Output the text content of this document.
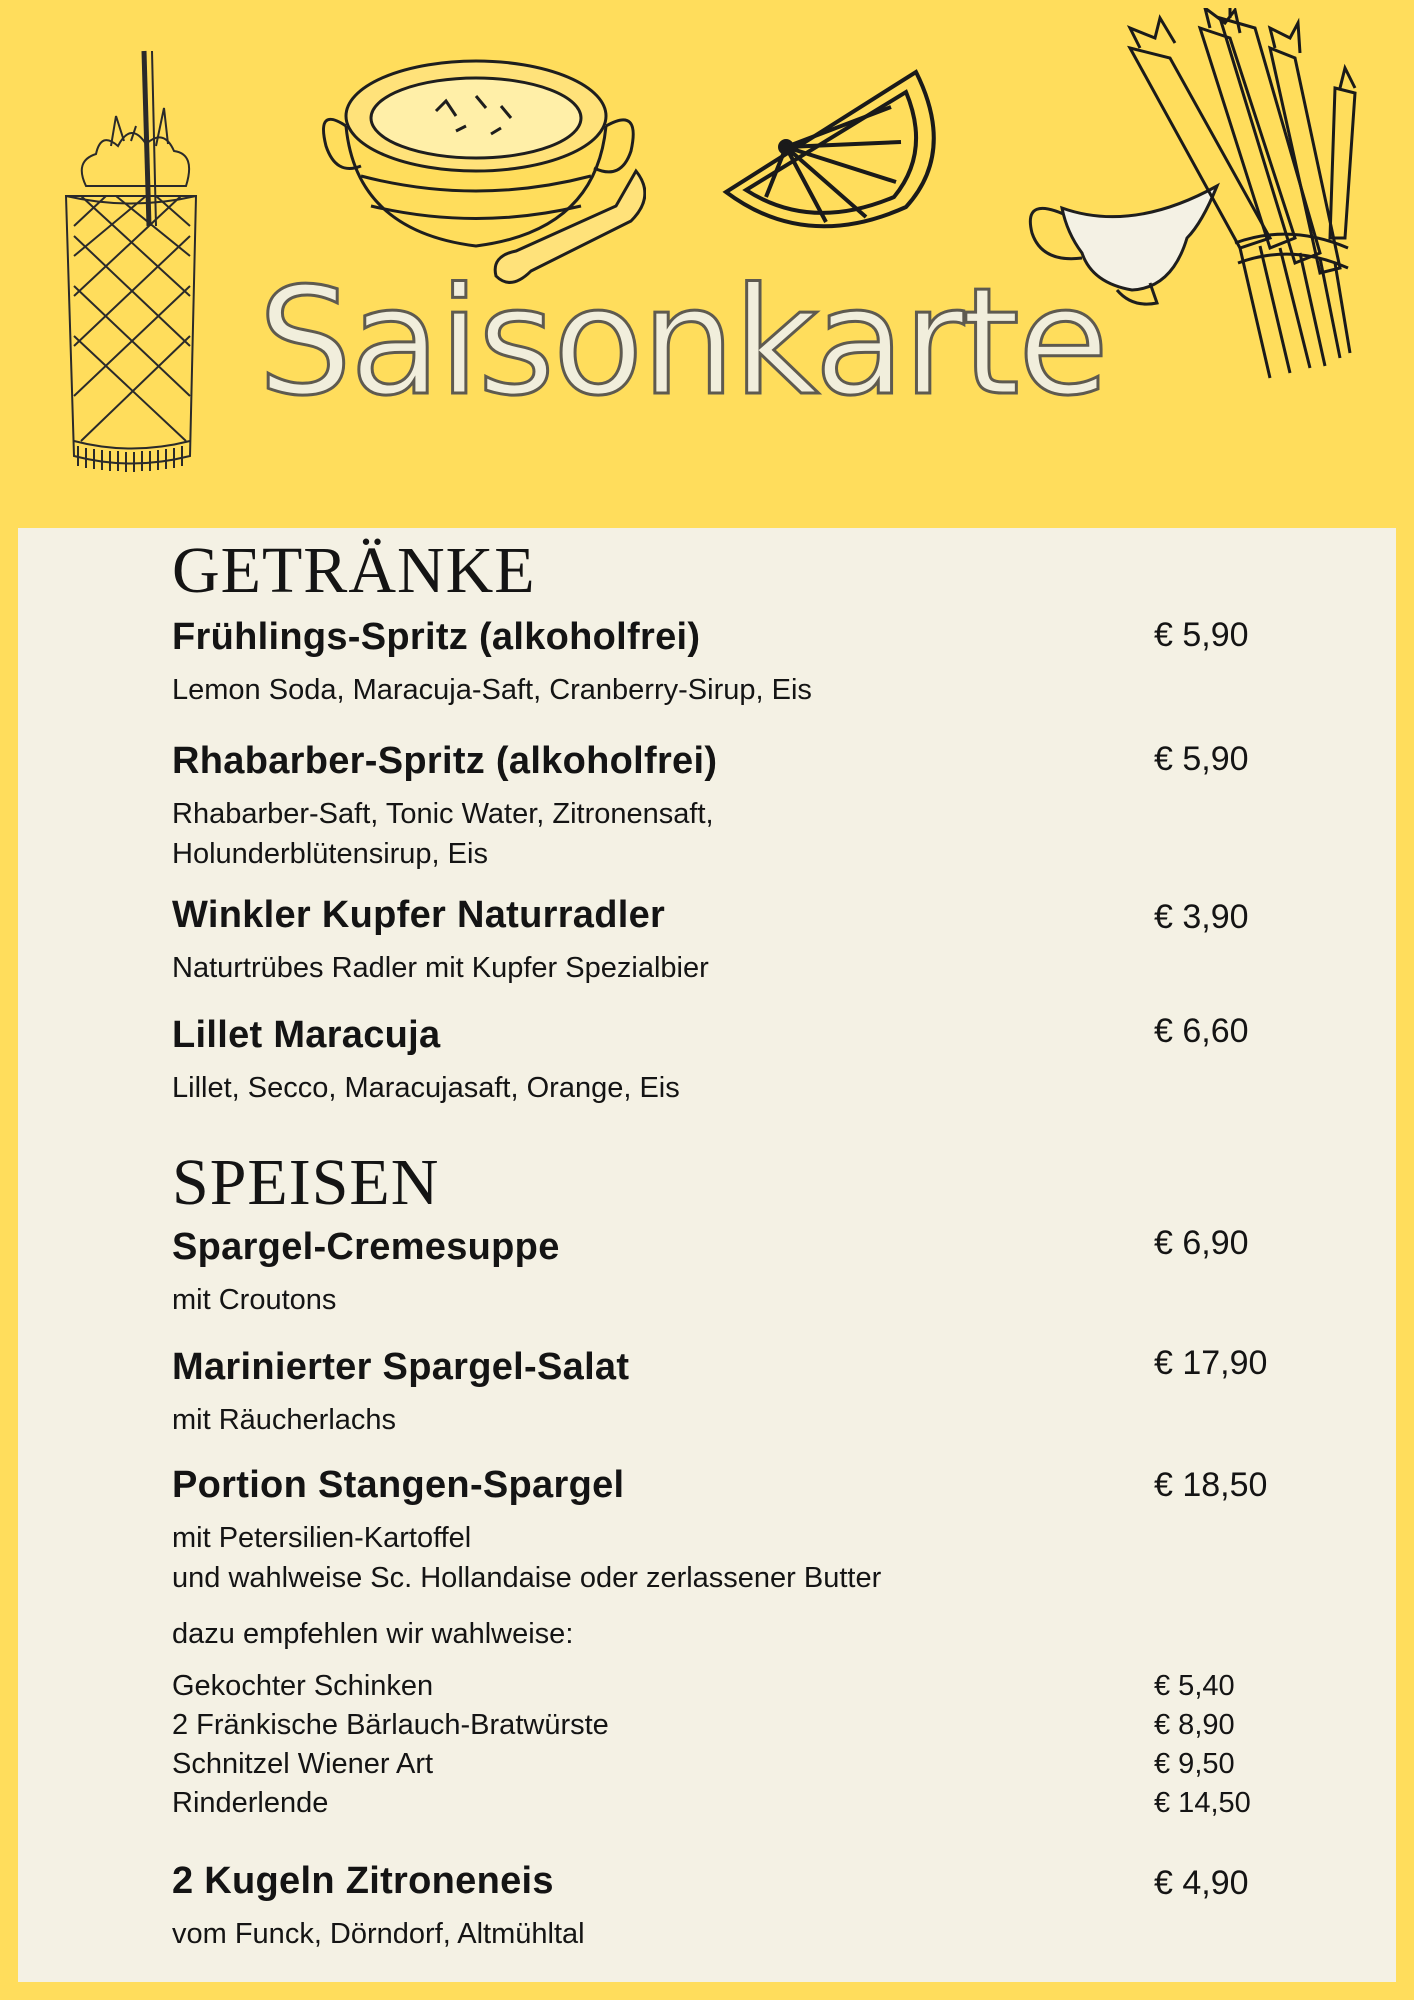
Saisonkarte
GETRÄNKE
Frühlings-Spritz (alkoholfrei)	€ 5,90
Lemon Soda, Maracuja-Saft, Cranberry-Sirup, Eis
Rhabarber-Spritz (alkoholfrei)	€ 5,90
Rhabarber-Saft, Tonic Water, Zitronensaft,
Holunderblütensirup, Eis
Winkler Kupfer Naturradler	€ 3,90
Naturtrübes Radler mit Kupfer Spezialbier
Lillet Maracuja	€ 6,60
Lillet, Secco, Maracujasaft, Orange, Eis
SPEISEN
Spargel-Cremesuppe	€ 6,90
mit Croutons
Marinierter Spargel-Salat	€ 17,90
mit Räucherlachs
Portion Stangen-Spargel	€ 18,50
mit Petersilien-Kartoffel
und wahlweise Sc. Hollandaise oder zerlassener Butter
dazu empfehlen wir wahlweise:
Gekochter Schinken	€ 5,40
2 Fränkische Bärlauch-Bratwürste	€ 8,90
Schnitzel Wiener Art	€ 9,50
Rinderlende	€ 14,50
2 Kugeln Zitroneneis	€ 4,90
vom Funck, Dörndorf, Altmühltal
